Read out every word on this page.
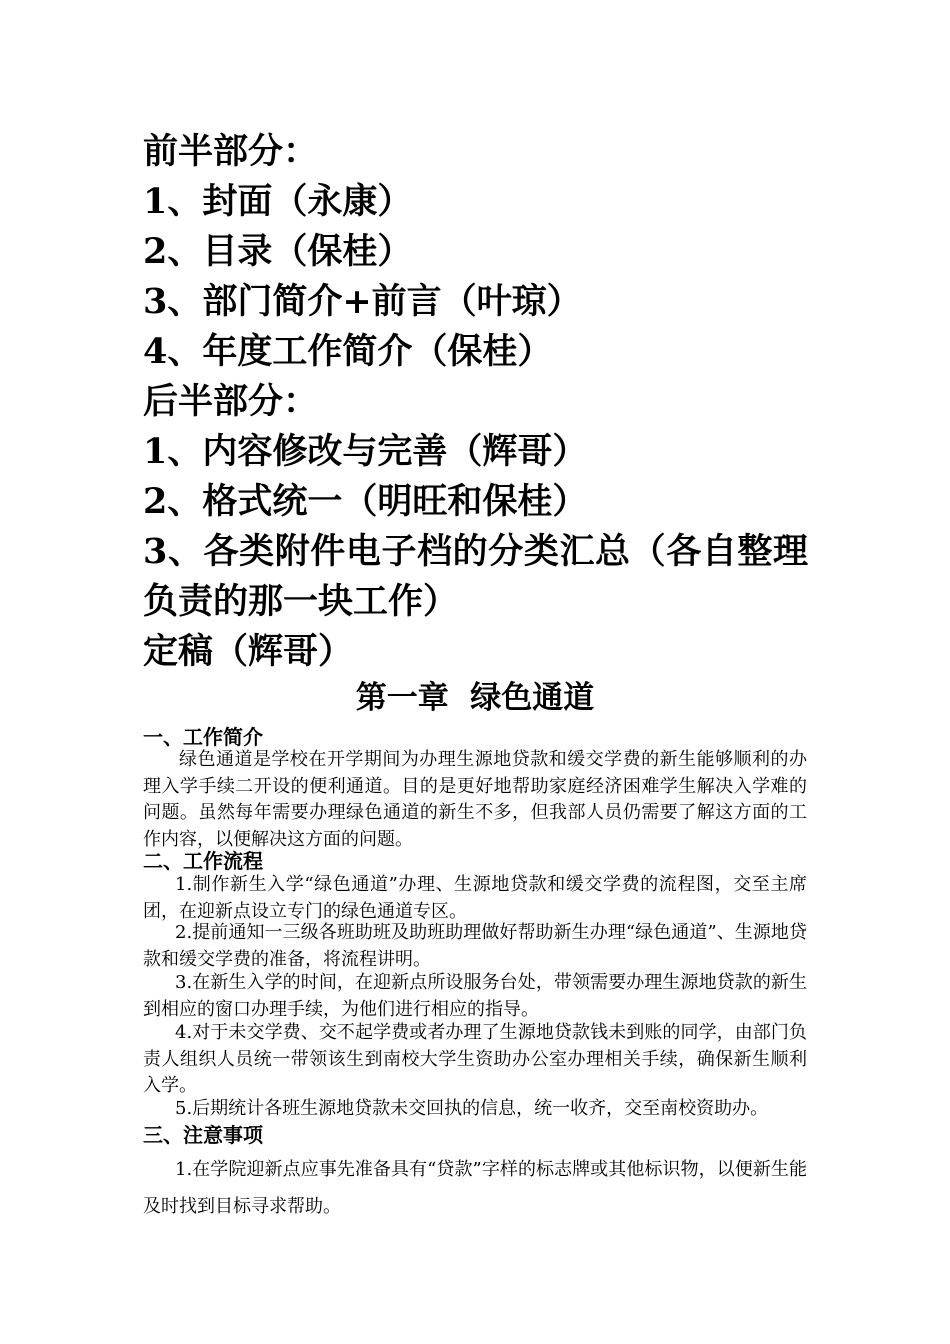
前半部分：

1、封面（永康）

2、目录（保桂）

3、部门简介+前言（叶琼）

4、年度工作简介（保桂）

后半部分：

1、内容修改与完善（辉哥）

2、格式统一（明旺和保桂）

3、各类附件电子档的分类汇总（各自整理负责的那一块工作）

定稿（辉哥）

第一章  绿色通道
一、工作简介

绿色通道是学校在开学期间为办理生源地贷款和缓交学费的新生能够顺利的办理入学手续二开设的便利通道。目的是更好地帮助家庭经济困难学生解决入学难的问题。虽然每年需要办理绿色通道的新生不多，但我部人员仍需要了解这方面的工作内容，以便解决这方面的问题。

二、工作流程

1.制作新生入学“绿色通道”办理、生源地贷款和缓交学费的流程图，交至主席团，在迎新点设立专门的绿色通道专区。

2.提前通知一三级各班助班及助班助理做好帮助新生办理“绿色通道”、生源地贷款和缓交学费的准备，将流程讲明。

3.在新生入学的时间，在迎新点所设服务台处，带领需要办理生源地贷款的新生到相应的窗口办理手续，为他们进行相应的指导。

4.对于未交学费、交不起学费或者办理了生源地贷款钱未到账的同学，由部门负责人组织人员统一带领该生到南校大学生资助办公室办理相关手续，确保新生顺利入学。

5.后期统计各班生源地贷款未交回执的信息，统一收齐，交至南校资助办。

三、注意事项

1.在学院迎新点应事先准备具有“贷款”字样的标志牌或其他标识物，以便新生能及时找到目标寻求帮助。
